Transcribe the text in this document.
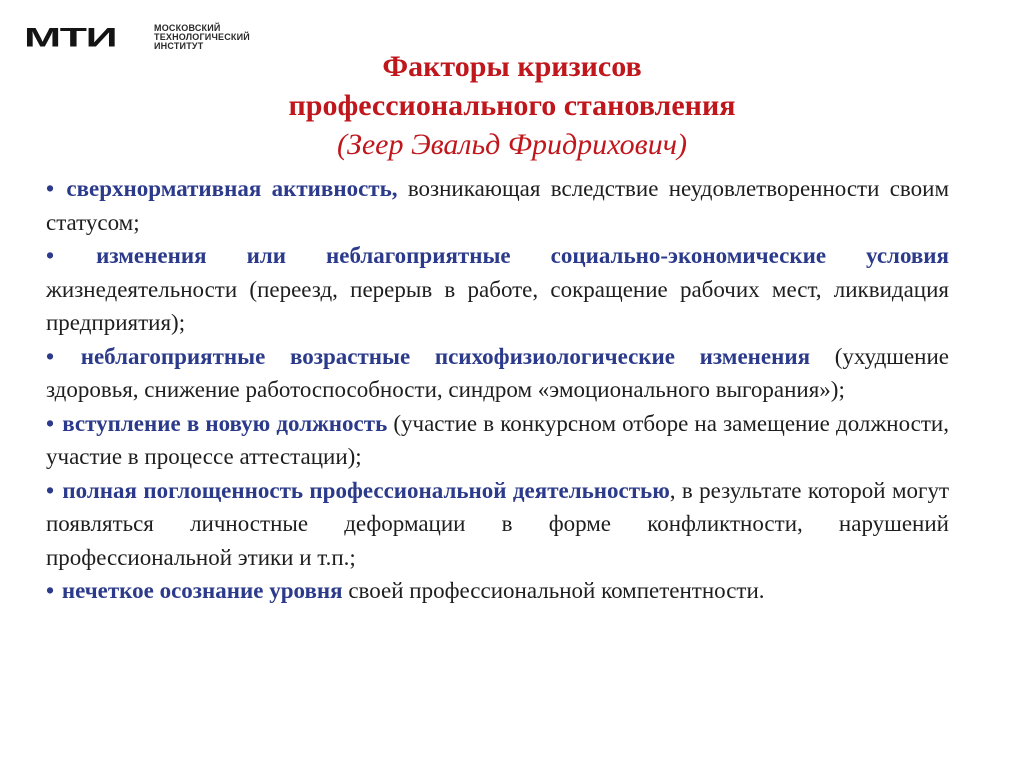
МТИ	МОСКОВСКИЙ
ТЕХНОЛОГИЧЕСКИЙ
ИНСТИТУТ
Факторы кризисов
профессионального становления
(Зеер Эвальд Фридрихович)

• сверхнормативная активность, возникающая вследствие неудовлетворенности своим статусом;

• изменения или неблагоприятные социально-экономические условия жизнедеятельности (переезд, перерыв в работе, сокращение рабочих мест, ликвидация предприятия);

• неблагоприятные возрастные психофизиологические изменения (ухудшение здоровья, снижение работоспособности, синдром «эмоционального выгорания»);

• вступление в новую должность (участие в конкурсном отборе на замещение должности, участие в процессе аттестации);

• полная поглощенность профессиональной деятельностью, в результате которой могут появляться личностные деформации в форме конфликтности, нарушений профессиональной этики и т.п.;

• нечеткое осознание уровня своей профессиональной компетентности.
